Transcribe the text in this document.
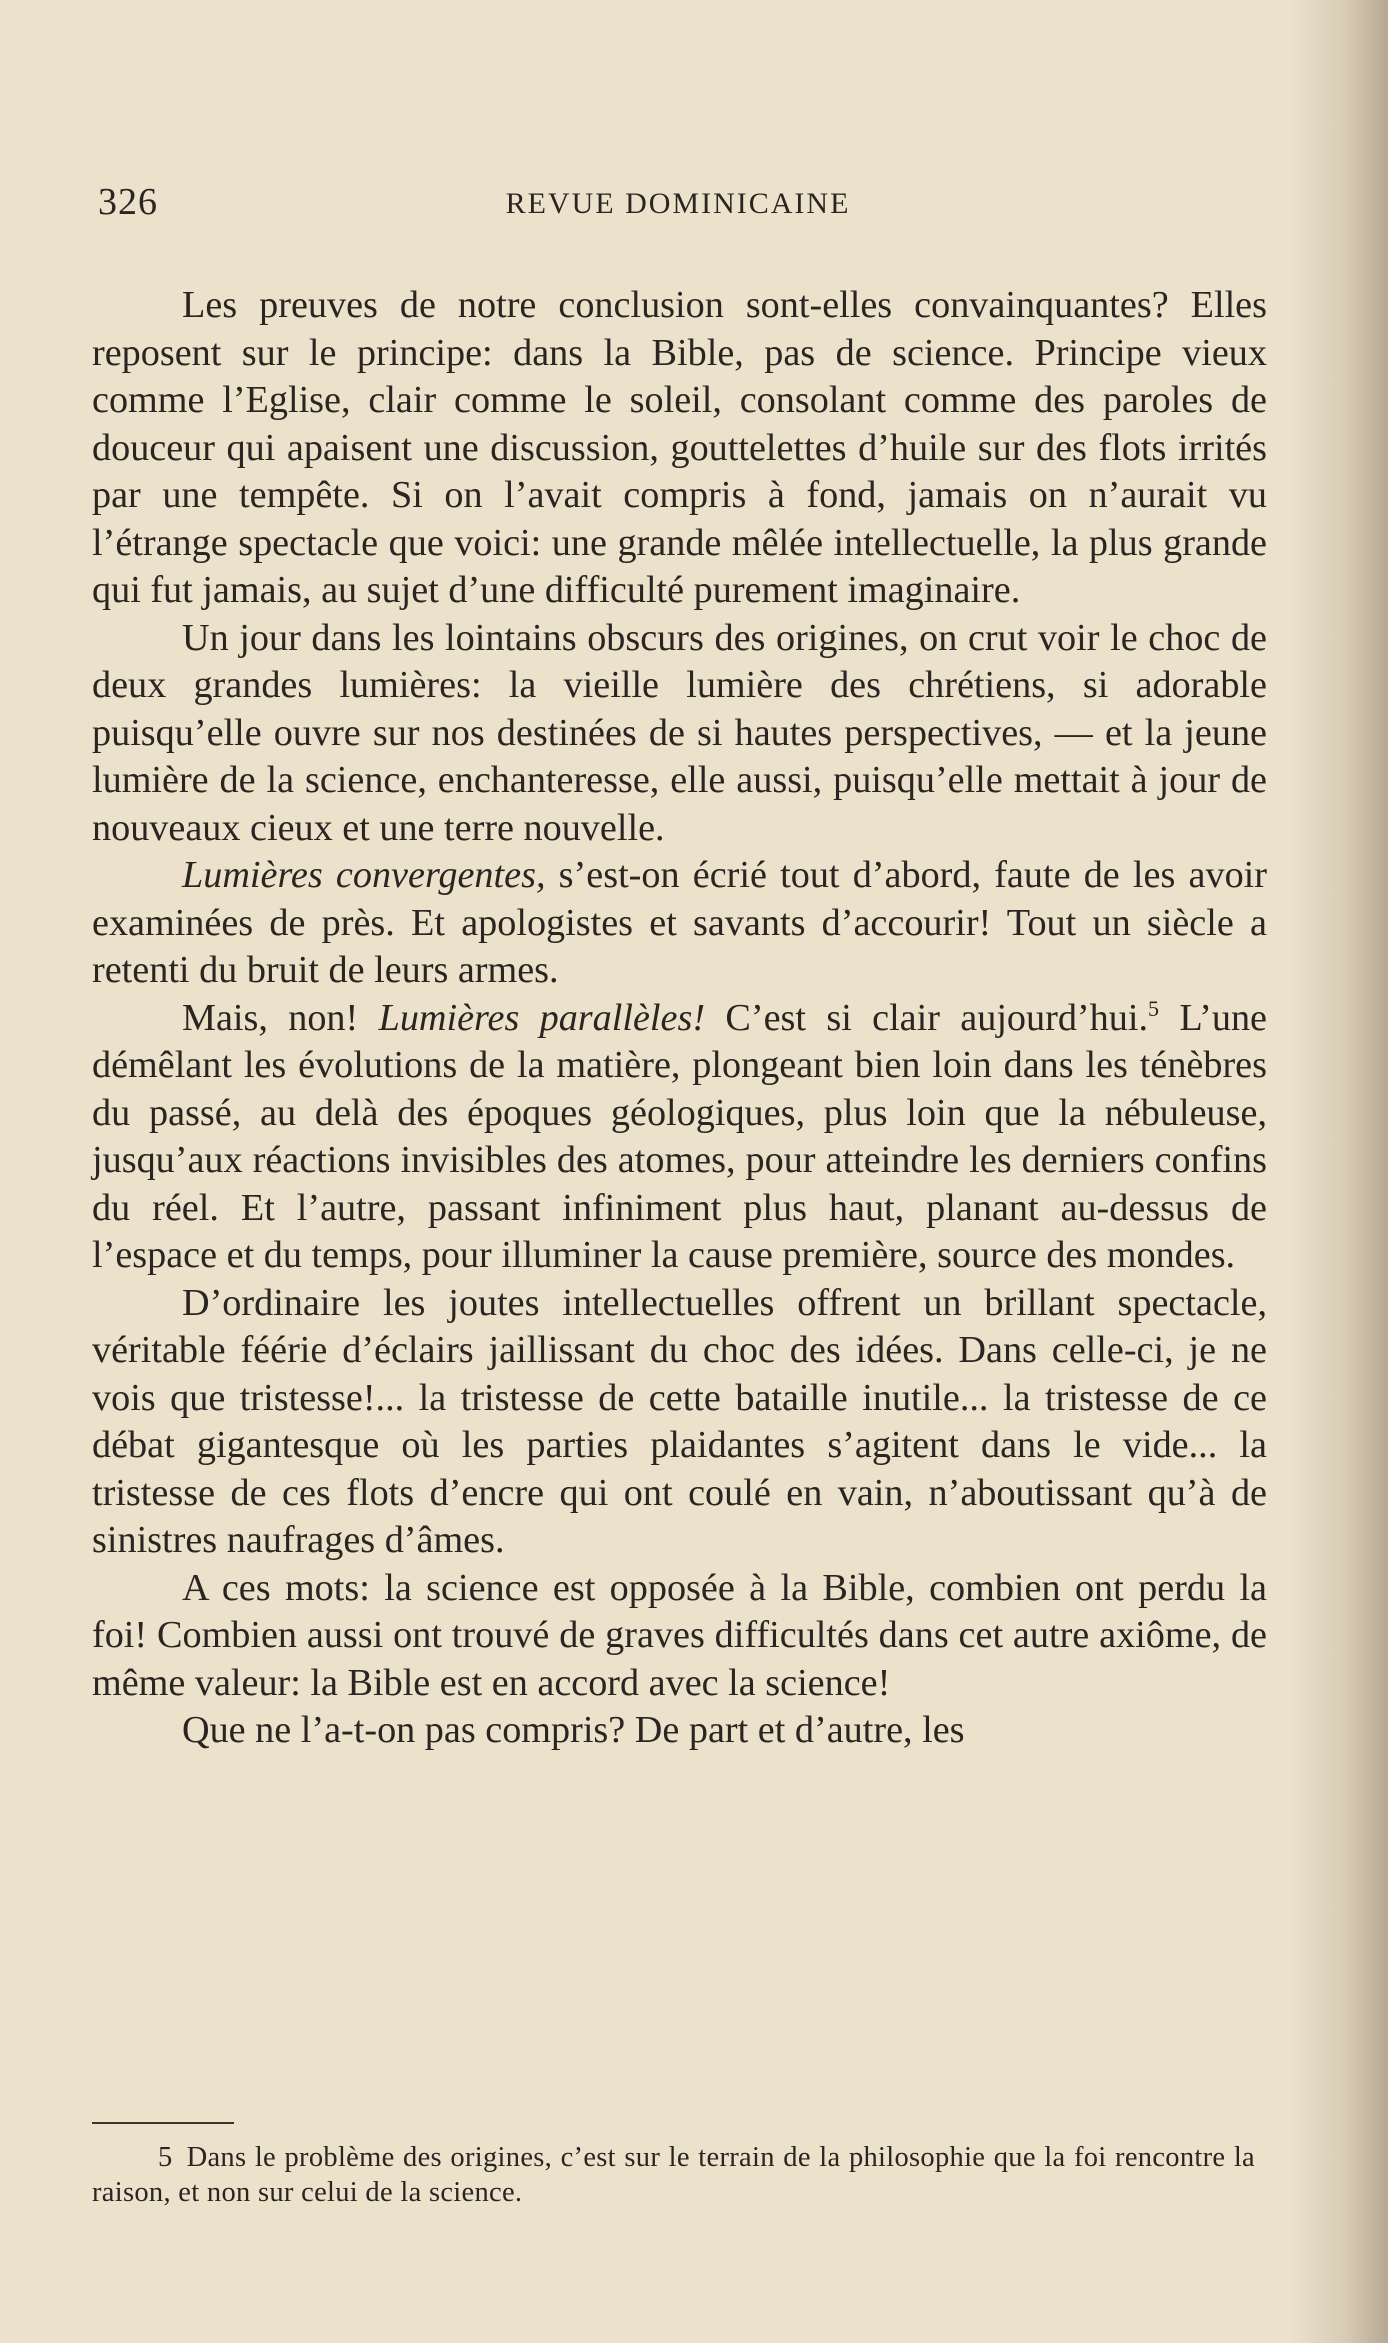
326	REVUE DOMINICAINE

Les preuves de notre conclusion sont-elles convainquantes? Elles reposent sur le principe: dans la Bible, pas de science. Principe vieux comme l’Eglise, clair comme le soleil, consolant comme des paroles de douceur qui apaisent une discussion, gouttelettes d’huile sur des flots irrités par une tempête. Si on l’avait compris à fond, jamais on n’aurait vu l’étrange spectacle que voici: une grande mêlée intellectuelle, la plus grande qui fut jamais, au sujet d’une difficulté purement imaginaire.

Un jour dans les lointains obscurs des origines, on crut voir le choc de deux grandes lumières: la vieille lumière des chrétiens, si adorable puisqu’elle ouvre sur nos destinées de si hautes perspectives, — et la jeune lumière de la science, enchanteresse, elle aussi, puisqu’elle mettait à jour de nouveaux cieux et une terre nouvelle.

Lumières convergentes, s’est-on écrié tout d’abord, faute de les avoir examinées de près. Et apologistes et savants d’accourir! Tout un siècle a retenti du bruit de leurs armes.

Mais, non! Lumières parallèles! C’est si clair aujourd’hui.$^5$ L’une démêlant les évolutions de la matière, plongeant bien loin dans les ténèbres du passé, au delà des époques géologiques, plus loin que la nébuleuse, jusqu’aux réactions invisibles des atomes, pour atteindre les derniers confins du réel. Et l’autre, passant infiniment plus haut, planant au-dessus de l’espace et du temps, pour illuminer la cause première, source des mondes.

D’ordinaire les joutes intellectuelles offrent un brillant spectacle, véritable féérie d’éclairs jaillissant du choc des idées. Dans celle-ci, je ne vois que tristesse!... la tristesse de cette bataille inutile... la tristesse de ce débat gigantesque où les parties plaidantes s’agitent dans le vide... la tristesse de ces flots d’encre qui ont coulé en vain, n’aboutissant qu’à de sinistres naufrages d’âmes.

A ces mots: la science est opposée à la Bible, combien ont perdu la foi! Combien aussi ont trouvé de graves difficultés dans cet autre axiôme, de même valeur: la Bible est en accord avec la science!

Que ne l’a-t-on pas compris? De part et d’autre, les

5 Dans le problème des origines, c’est sur le terrain de la philosophie que la foi rencontre la raison, et non sur celui de la science.
